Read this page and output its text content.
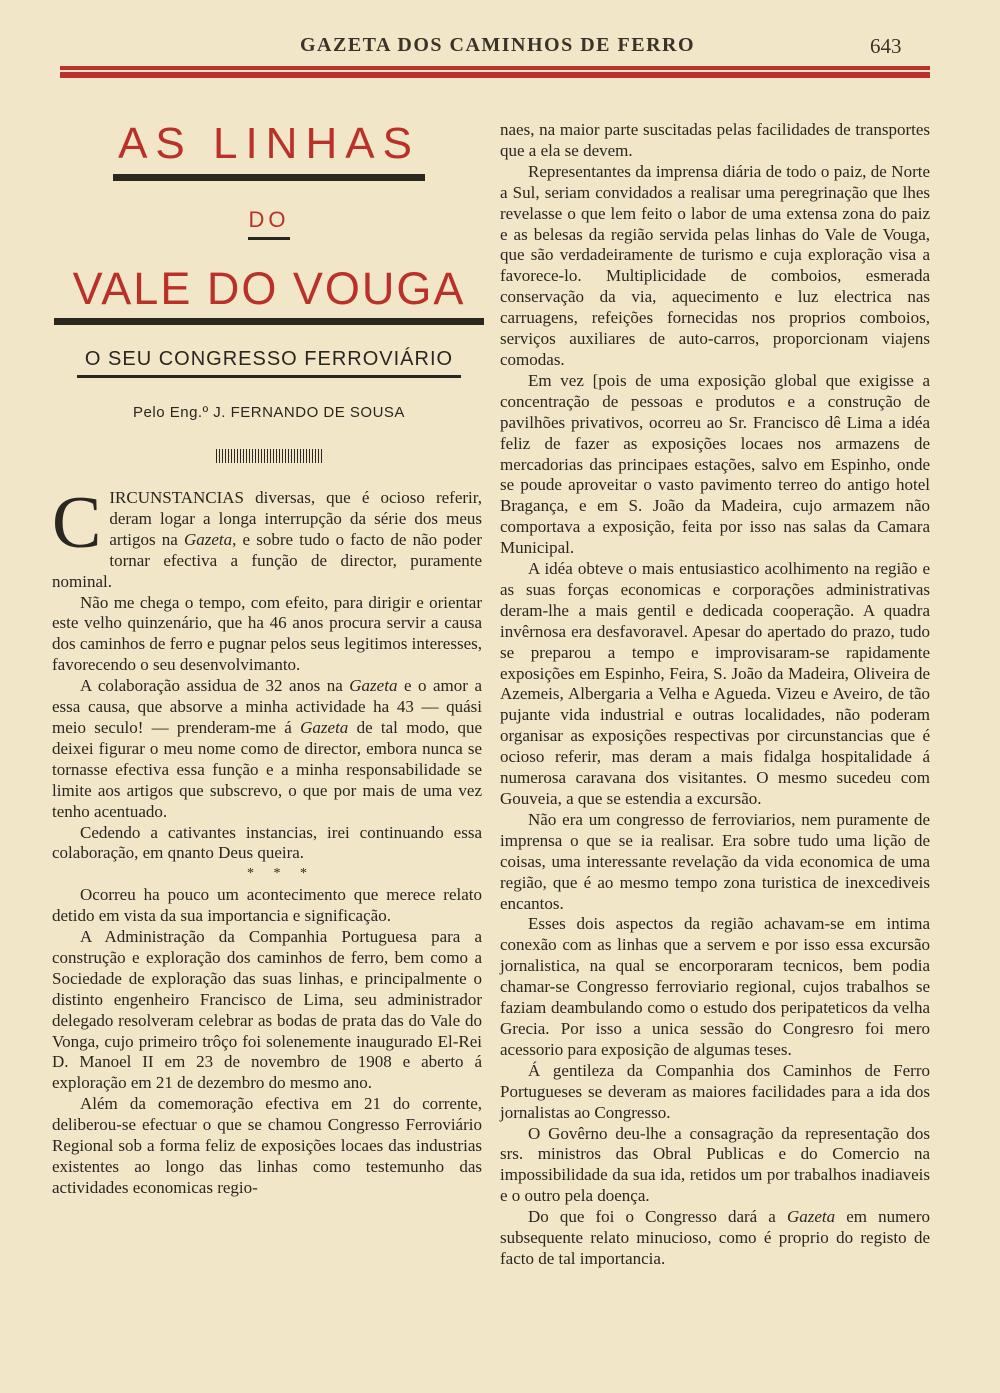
GAZETA DOS CAMINHOS DE FERRO	643
AS LINHAS
DO
VALE DO VOUGA
O SEU CONGRESSO FERROVIÁRIO
Pelo Eng.º J. FERNANDO DE SOUSA

CIRCUNSTANCIAS diversas, que é ocioso referir, deram logar a longa interrupção da série dos meus artigos na Gazeta, e sobre tudo o facto de não poder tornar efectiva a função de director, puramente nominal.

Não me chega o tempo, com efeito, para dirigir e orientar este velho quinzenário, que ha 46 anos procura servir a causa dos caminhos de ferro e pugnar pelos seus legitimos interesses, favorecendo o seu desenvolvimanto.

A colaboração assidua de 32 anos na Gazeta e o amor a essa causa, que absorve a minha actividade ha 43 — quási meio seculo! — prenderam-me á Gazeta de tal modo, que deixei figurar o meu nome como de director, embora nunca se tornasse efectiva essa função e a minha responsabilidade se limite aos artigos que subscrevo, o que por mais de uma vez tenho acentuado.

Cedendo a cativantes instancias, irei continuando essa colaboração, em qnanto Deus queira.

* * *

Ocorreu ha pouco um acontecimento que merece relato detido em vista da sua importancia e significação.

A Administração da Companhia Portuguesa para a construção e exploração dos caminhos de ferro, bem como a Sociedade de exploração das suas linhas, e principalmente o distinto engenheiro Francisco de Lima, seu administrador delegado resolveram celebrar as bodas de prata das do Vale do Vonga, cujo primeiro trôço foi solenemente inaugurado El-Rei D. Manoel II em 23 de novembro de 1908 e aberto á exploração em 21 de dezembro do mesmo ano.

Além da comemoração efectiva em 21 do corrente, deliberou-se efectuar o que se chamou Congresso Ferroviário Regional sob a forma feliz de exposições locaes das industrias existentes ao longo das linhas como testemunho das actividades economicas regio-

naes, na maior parte suscitadas pelas facilidades de transportes que a ela se devem.

Representantes da imprensa diária de todo o paiz, de Norte a Sul, seriam convidados a realisar uma peregrinação que lhes revelasse o que lem feito o labor de uma extensa zona do paiz e as belesas da região servida pelas linhas do Vale de Vouga, que são verdadeiramente de turismo e cuja exploração visa a favorece-lo. Multiplicidade de comboios, esmerada conservação da via, aquecimento e luz electrica nas carruagens, refeições fornecidas nos proprios comboios, serviços auxiliares de auto-carros, proporcionam viajens comodas.

Em vez [pois de uma exposição global que exigisse a concentração de pessoas e produtos e a construção de pavilhões privativos, ocorreu ao Sr. Francisco dê Lima a idéa feliz de fazer as exposições locaes nos armazens de mercadorias das principaes estações, salvo em Espinho, onde se poude aproveitar o vasto pavimento terreo do antigo hotel Bragança, e em S. João da Madeira, cujo armazem não comportava a exposição, feita por isso nas salas da Camara Municipal.

A idéa obteve o mais entusiastico acolhimento na região e as suas forças economicas e corporações administrativas deram-lhe a mais gentil e dedicada cooperação. A quadra invêrnosa era desfavoravel. Apesar do apertado do prazo, tudo se preparou a tempo e improvisaram-se rapidamente exposições em Espinho, Feira, S. João da Madeira, Oliveira de Azemeis, Albergaria a Velha e Agueda. Vizeu e Aveiro, de tão pujante vida industrial e outras localidades, não poderam organisar as exposições respectivas por circunstancias que é ocioso referir, mas deram a mais fidalga hospitalidade á numerosa caravana dos visitantes. O mesmo sucedeu com Gouveia, a que se estendia a excursão.

Não era um congresso de ferroviarios, nem puramente de imprensa o que se ia realisar. Era sobre tudo uma lição de coisas, uma interessante revelação da vida economica de uma região, que é ao mesmo tempo zona turistica de inexcediveis encantos.

Esses dois aspectos da região achavam-se em intima conexão com as linhas que a servem e por isso essa excursão jornalistica, na qual se encorporaram tecnicos, bem podia chamar-se Congresso ferroviario regional, cujos trabalhos se faziam deambulando como o estudo dos peripateticos da velha Grecia. Por isso a unica sessão do Congresro foi mero acessorio para exposição de algumas teses.

Á gentileza da Companhia dos Caminhos de Ferro Portugueses se deveram as maiores facilidades para a ida dos jornalistas ao Congresso.

O Govêrno deu-lhe a consagração da representação dos srs. ministros das Obral Publicas e do Comercio na impossibilidade da sua ida, retidos um por trabalhos inadiaveis e o outro pela doença.

Do que foi o Congresso dará a Gazeta em numero subsequente relato minucioso, como é proprio do registo de facto de tal importancia.
